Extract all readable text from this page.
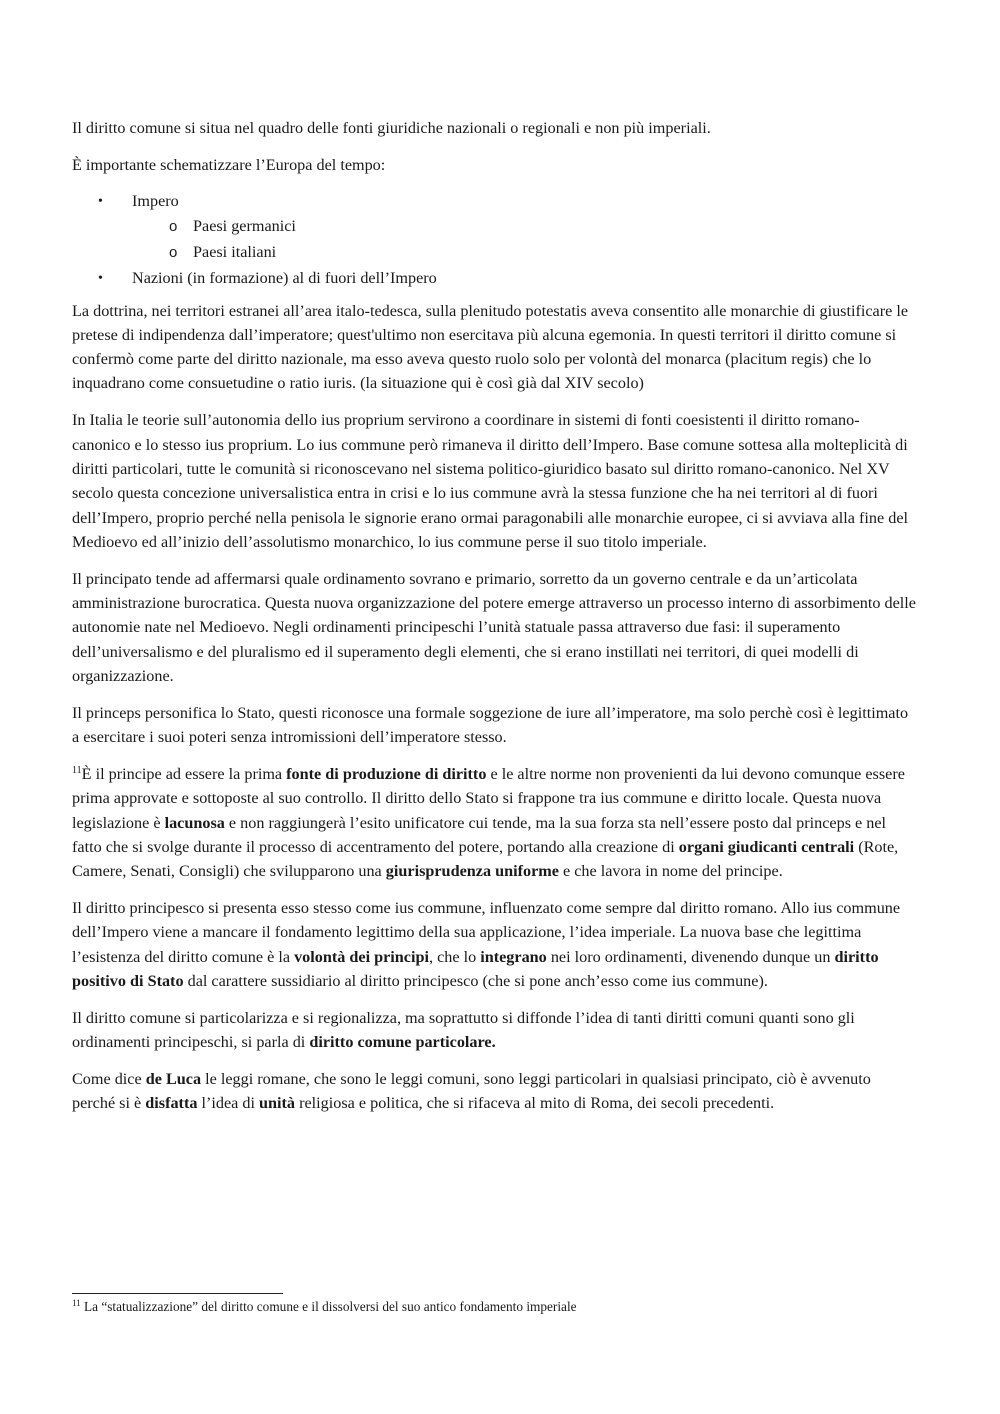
Il diritto comune si situa nel quadro delle fonti giuridiche nazionali o regionali e non più imperiali.

È importante schematizzare l’Europa del tempo:

• Impero
o Paesi germanici
o Paesi italiani
• Nazioni (in formazione) al di fuori dell’Impero

La dottrina, nei territori estranei all’area italo-tedesca, sulla plenitudo potestatis aveva consentito alle monarchie di giustificare le pretese di indipendenza dall’imperatore; quest'ultimo non esercitava più alcuna egemonia. In questi territori il diritto comune si confermò come parte del diritto nazionale, ma esso aveva questo ruolo solo per volontà del monarca (placitum regis) che lo inquadrano come consuetudine o ratio iuris. (la situazione qui è così già dal XIV secolo)

In Italia le teorie sull’autonomia dello ius proprium servirono a coordinare in sistemi di fonti coesistenti il diritto romano-canonico e lo stesso ius proprium. Lo ius commune però rimaneva il diritto dell’Impero. Base comune sottesa alla molteplicità di diritti particolari, tutte le comunità si riconoscevano nel sistema politico-giuridico basato sul diritto romano-canonico. Nel XV secolo questa concezione universalistica entra in crisi e lo ius commune avrà la stessa funzione che ha nei territori al di fuori dell’Impero, proprio perché nella penisola le signorie erano ormai paragonabili alle monarchie europee, ci si avviava alla fine del Medioevo ed all’inizio dell’assolutismo monarchico, lo ius commune perse il suo titolo imperiale.

Il principato tende ad affermarsi quale ordinamento sovrano e primario, sorretto da un governo centrale e da un’articolata amministrazione burocratica. Questa nuova organizzazione del potere emerge attraverso un processo interno di assorbimento delle autonomie nate nel Medioevo. Negli ordinamenti principeschi l’unità statuale passa attraverso due fasi: il superamento dell’universalismo e del pluralismo ed il superamento degli elementi, che si erano instillati nei territori, di quei modelli di organizzazione.

Il princeps personifica lo Stato, questi riconosce una formale soggezione de iure all’imperatore, ma solo perchè così è legittimato a esercitare i suoi poteri senza intromissioni dell’imperatore stesso.

$^{11}$È il principe ad essere la prima fonte di produzione di diritto e le altre norme non provenienti da lui devono comunque essere prima approvate e sottoposte al suo controllo. Il diritto dello Stato si frappone tra ius commune e diritto locale. Questa nuova legislazione è lacunosa e non raggiungerà l’esito unificatore cui tende, ma la sua forza sta nell’essere posto dal princeps e nel fatto che si svolge durante il processo di accentramento del potere, portando alla creazione di organi giudicanti centrali (Rote, Camere, Senati, Consigli) che svilupparono una giurisprudenza uniforme e che lavora in nome del principe.

Il diritto principesco si presenta esso stesso come ius commune, influenzato come sempre dal diritto romano. Allo ius commune dell’Impero viene a mancare il fondamento legittimo della sua applicazione, l’idea imperiale. La nuova base che legittima l’esistenza del diritto comune è la volontà dei principi, che lo integrano nei loro ordinamenti, divenendo dunque un diritto positivo di Stato dal carattere sussidiario al diritto principesco (che si pone anch’esso come ius commune).

Il diritto comune si particolarizza e si regionalizza, ma soprattutto si diffonde l’idea di tanti diritti comuni quanti sono gli ordinamenti principeschi, si parla di diritto comune particolare.

Come dice de Luca le leggi romane, che sono le leggi comuni, sono leggi particolari in qualsiasi principato, ciò è avvenuto perché si è disfatta l’idea di unità religiosa e politica, che si rifaceva al mito di Roma, dei secoli precedenti.

$^{11}$ La “statualizzazione” del diritto comune e il dissolversi del suo antico fondamento imperiale
